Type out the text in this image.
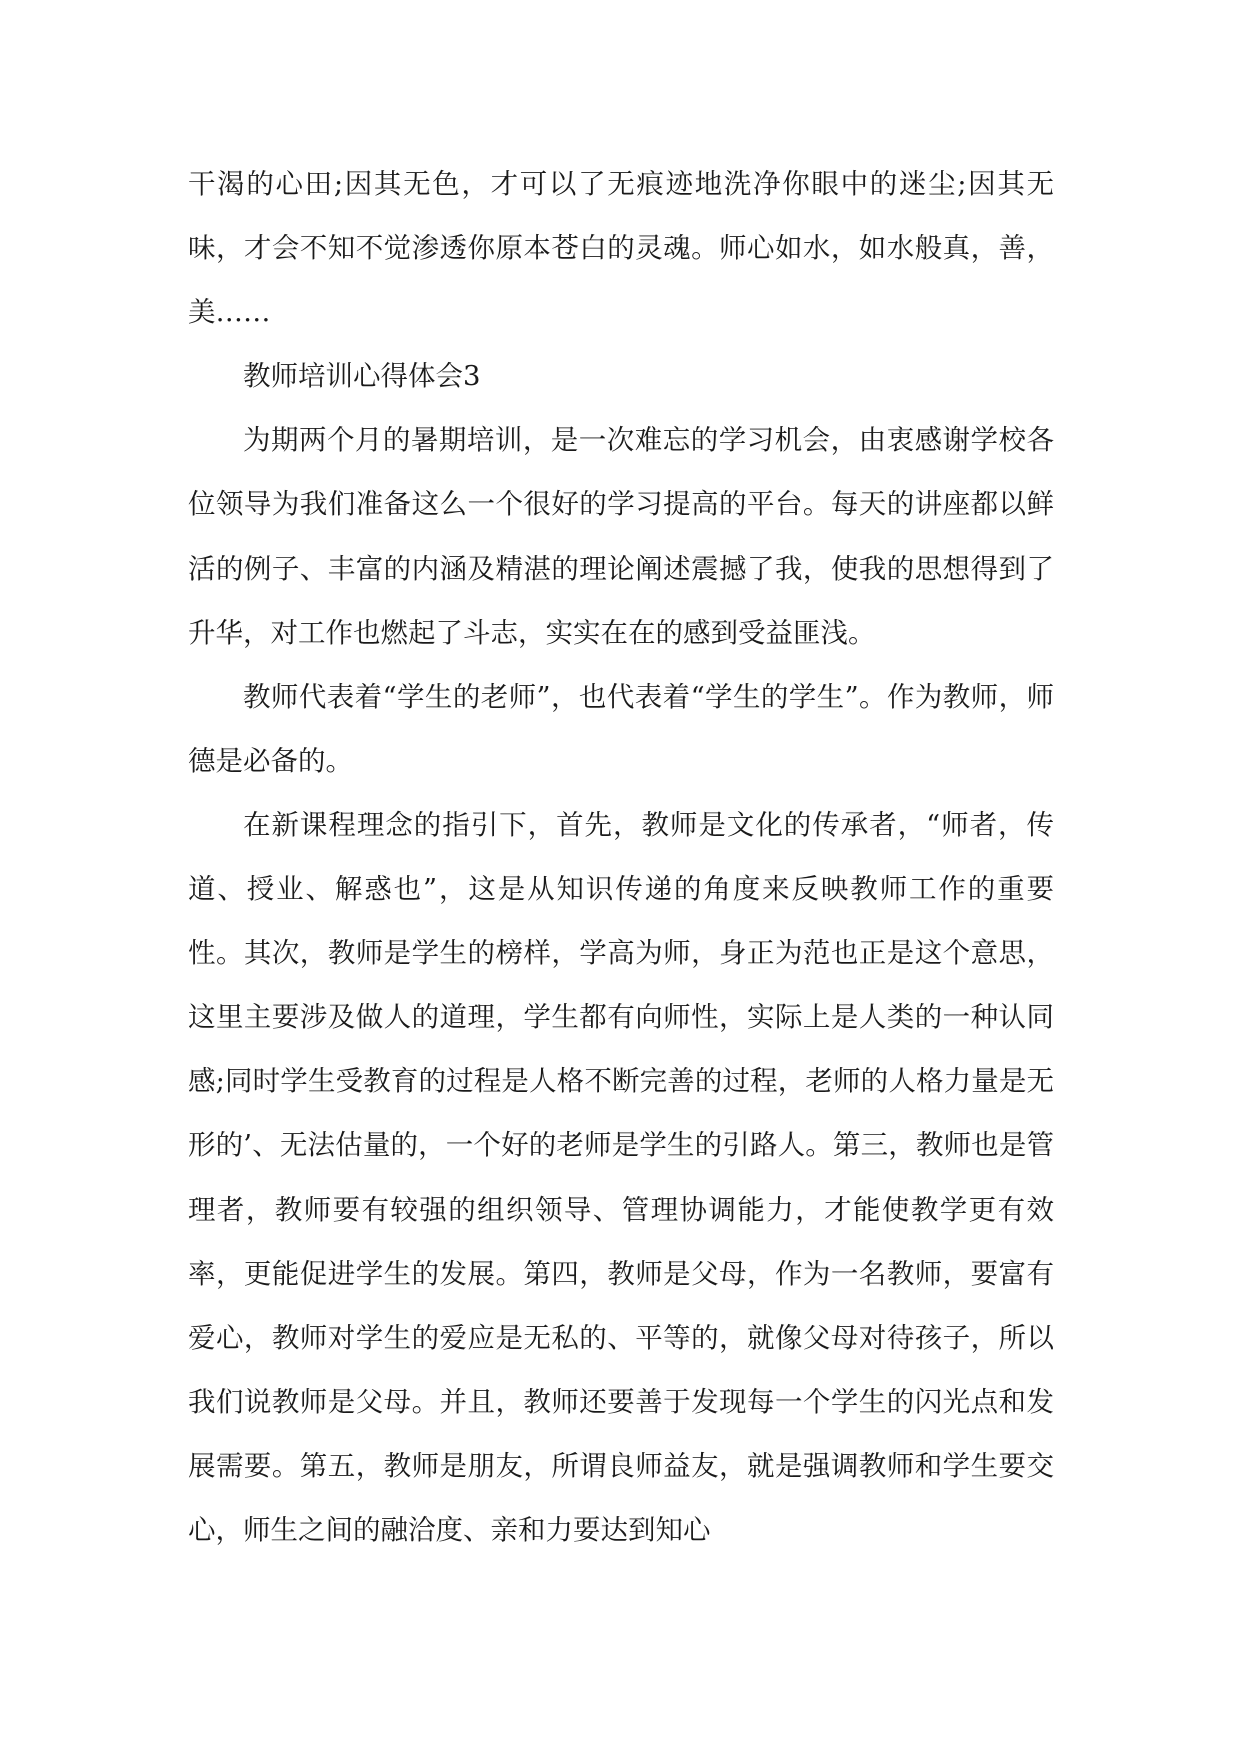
干渴的心田;因其无色，才可以了无痕迹地洗净你眼中的迷尘;因其无味，才会不知不觉渗透你原本苍白的灵魂。师心如水，如水般真，善，美……

教师培训心得体会3

为期两个月的暑期培训，是一次难忘的学习机会，由衷感谢学校各位领导为我们准备这么一个很好的学习提高的平台。每天的讲座都以鲜活的例子、丰富的内涵及精湛的理论阐述震撼了我，使我的思想得到了升华，对工作也燃起了斗志，实实在在的感到受益匪浅。

教师代表着“学生的老师”，也代表着“学生的学生”。作为教师，师德是必备的。

在新课程理念的指引下，首先，教师是文化的传承者，“师者，传道、授业、解惑也”，这是从知识传递的角度来反映教师工作的重要性。其次，教师是学生的榜样，学高为师，身正为范也正是这个意思，这里主要涉及做人的道理，学生都有向师性，实际上是人类的一种认同感;同时学生受教育的过程是人格不断完善的过程，老师的人格力量是无形的’、无法估量的，一个好的老师是学生的引路人。第三，教师也是管理者，教师要有较强的组织领导、管理协调能力，才能使教学更有效率，更能促进学生的发展。第四，教师是父母，作为一名教师，要富有爱心，教师对学生的爱应是无私的、平等的，就像父母对待孩子，所以我们说教师是父母。并且，教师还要善于发现每一个学生的闪光点和发展需要。第五，教师是朋友，所谓良师益友，就是强调教师和学生要交心，师生之间的融洽度、亲和力要达到知心
